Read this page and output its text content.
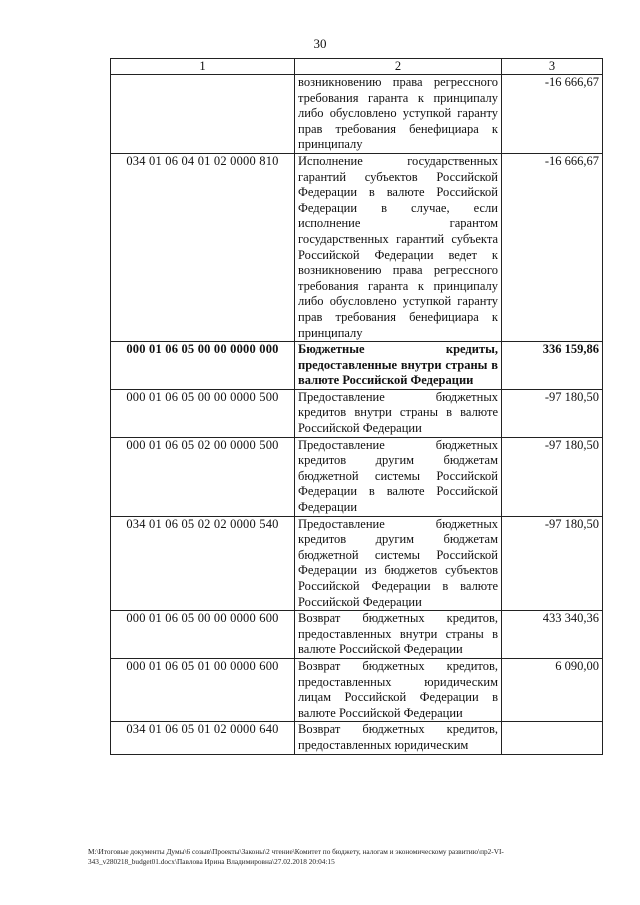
30
1	2	3
	возникновению права регрессного требования гаранта к принципалу либо обусловлено уступкой гаранту прав требования бенефициара к принципалу	-16 666,67
034 01 06 04 01 02 0000 810	Исполнение государственных гарантий субъектов Российской Федерации в валюте Российской Федерации в случае, если исполнение гарантом государственных гарантий субъекта Российской Федерации ведет к возникновению права регрессного требования гаранта к принципалу либо обусловлено уступкой гаранту прав требования бенефициара к принципалу	-16 666,67
000 01 06 05 00 00 0000 000	Бюджетные кредиты, предоставленные внутри страны в валюте Российской Федерации	336 159,86
000 01 06 05 00 00 0000 500	Предоставление бюджетных кредитов внутри страны в валюте Российской Федерации	-97 180,50
000 01 06 05 02 00 0000 500	Предоставление бюджетных кредитов другим бюджетам бюджетной системы Российской Федерации в валюте Российской Федерации	-97 180,50
034 01 06 05 02 02 0000 540	Предоставление бюджетных кредитов другим бюджетам бюджетной системы Российской Федерации из бюджетов субъектов Российской Федерации в валюте Российской Федерации	-97 180,50
000 01 06 05 00 00 0000 600	Возврат бюджетных кредитов, предоставленных внутри страны в валюте Российской Федерации	433 340,36
000 01 06 05 01 00 0000 600	Возврат бюджетных кредитов, предоставленных юридическим лицам Российской Федерации в валюте Российской Федерации	6 090,00
034 01 06 05 01 02 0000 640	Возврат бюджетных кредитов, предоставленных юридическим	
М:\Итоговые документы Думы\6 созыв\Проекты\Законы\2 чтение\Комитет по бюджету, налогам и экономическому развитию\пр2-VI-343_v280218_budget01.docx\Павлова Ирина Владимировна\27.02.2018 20:04:15
